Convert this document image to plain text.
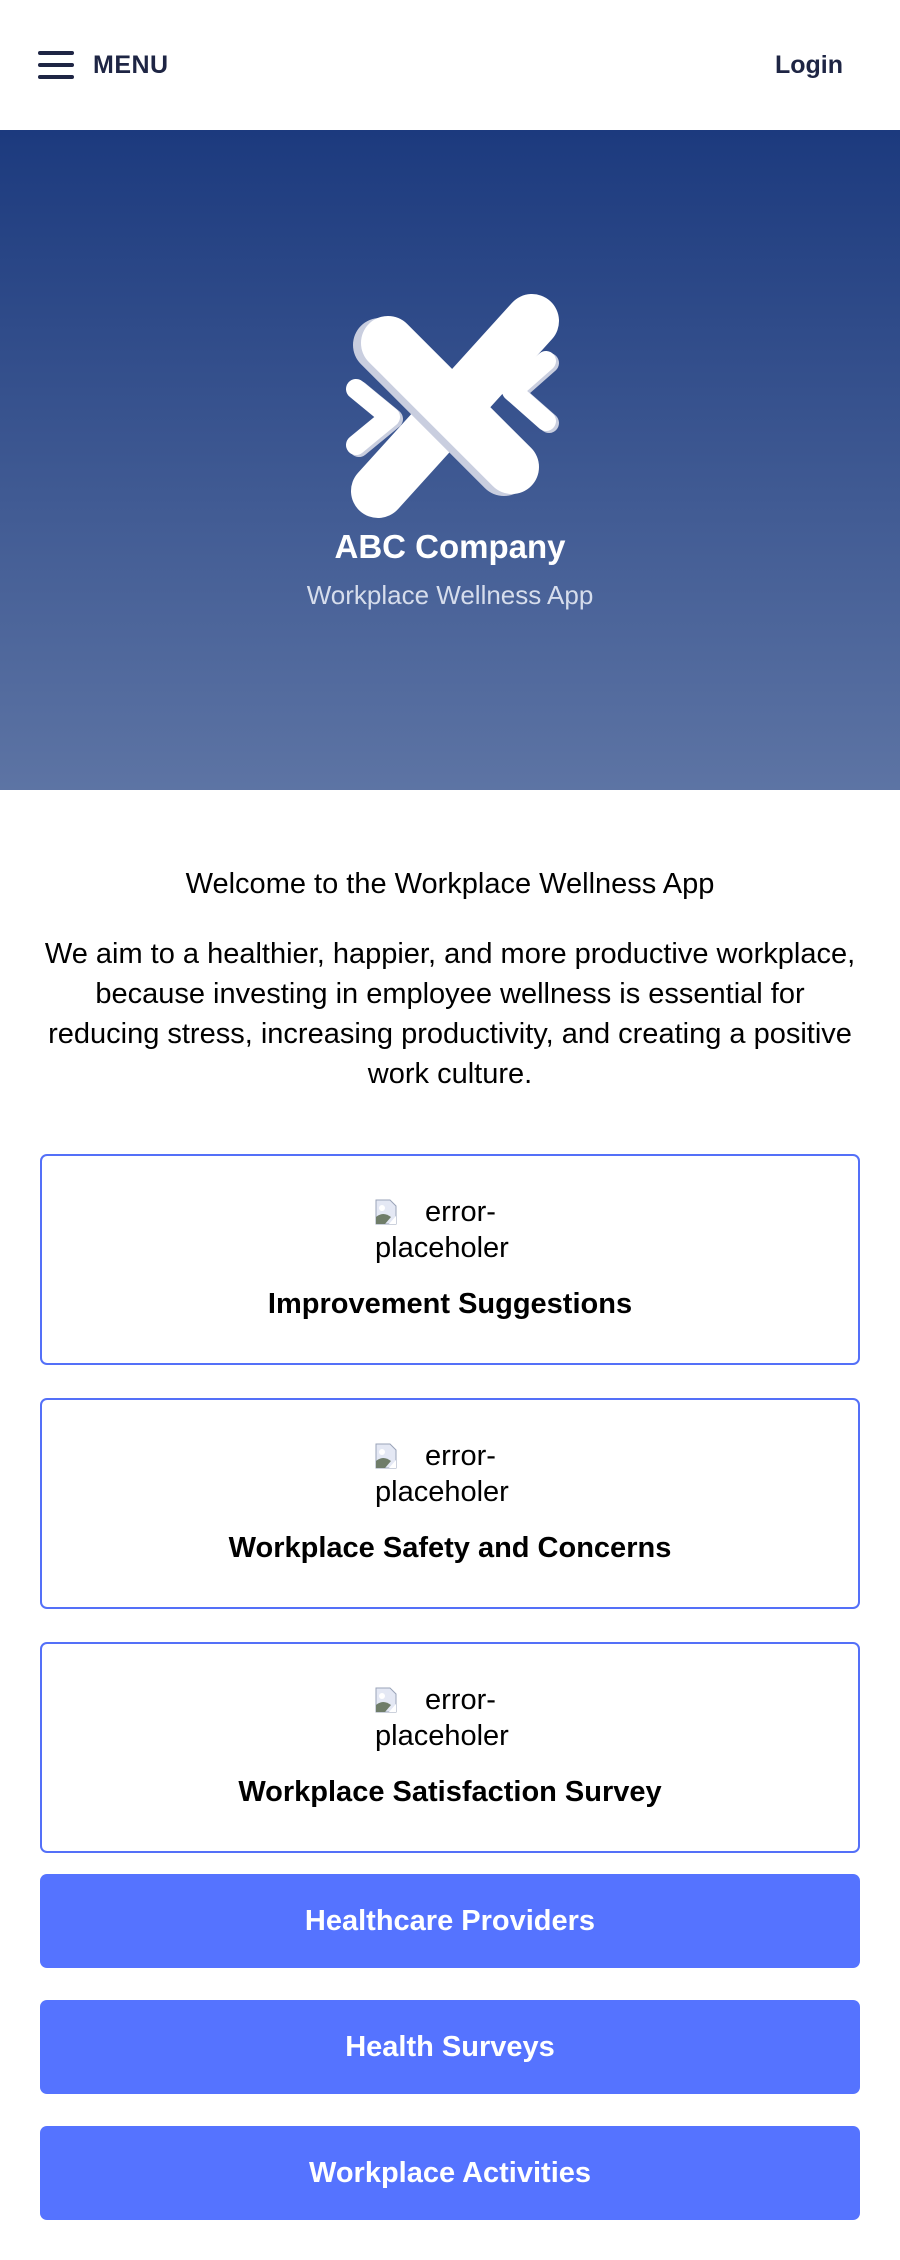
MENU	Login
ABC Company
Workplace Wellness App

Welcome to the Workplace Wellness App

We aim to a healthier, happier, and more productive workplace, because investing in employee wellness is essential for reducing stress, increasing productivity, and creating a positive work culture.

error-
placeholer
Improvement Suggestions
error-
placeholer
Workplace Safety and Concerns
error-
placeholer
Workplace Satisfaction Survey
Healthcare Providers
Health Surveys
Workplace Activities
